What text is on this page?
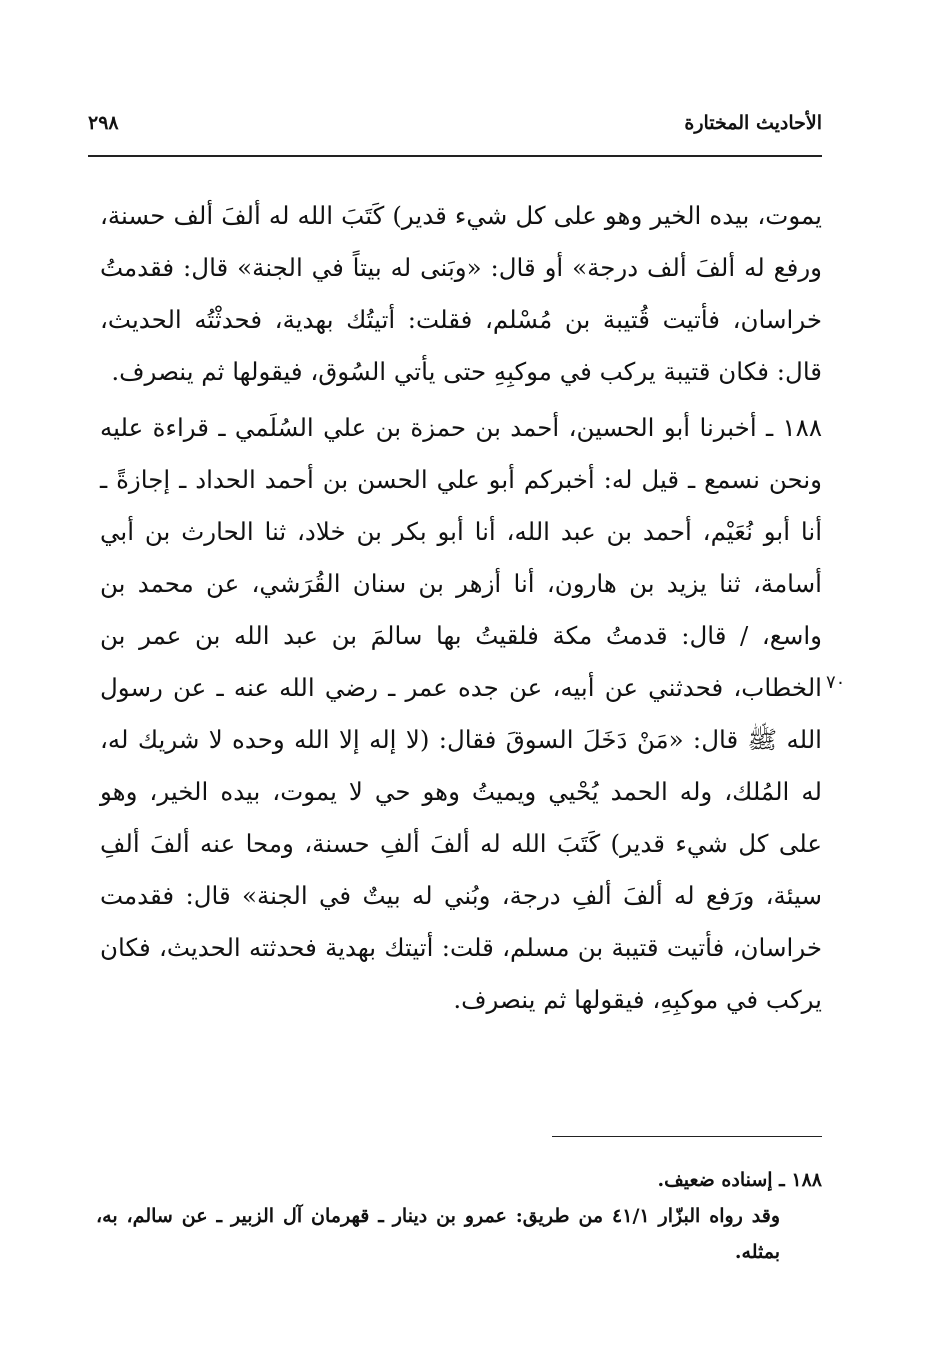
الأحاديث المختارة
٢٩٨

يموت، بيده الخير وهو على كل شيء قدير) كَتَبَ الله له ألفَ ألف حسنة، ورفع له ألفَ ألف درجة» أو قال: «وبَنى له بيتاً في الجنة» قال: فقدمتُ خراسان، فأتيت قُتيبة بن مُسْلم، فقلت: أتيتُك بهدية، فحدثْتُه الحديث، قال: فكان قتيبة يركب في موكبِهِ حتى يأتي السُوق، فيقولها ثم ينصرف.

١٨٨ ـ أخبرنا أبو الحسين، أحمد بن حمزة بن علي السُلَمي ـ قراءة عليه ونحن نسمع ـ قيل له: أخبركم أبو علي الحسن بن أحمد الحداد ـ إجازةً ـ أنا أبو نُعَيْم، أحمد بن عبد الله، أنا أبو بكر بن خلاد، ثنا الحارث بن أبي أسامة، ثنا يزيد بن هارون، أنا أزهر بن سنان القُرَشي، عن محمد بن واسع، / قال: قدمتُ مكة فلقيتُ بها سالمَ بن عبد الله بن عمر بن الخطاب، فحدثني عن أبيه، عن جده عمر ـ رضي الله عنه ـ عن رسول الله ﷺ قال: «مَنْ دَخَلَ السوقَ فقال: (لا إله إلا الله وحده لا شريك له، له المُلك، وله الحمد يُحْيي ويميتُ وهو حي لا يموت، بيده الخير، وهو على كل شيء قدير) كَتَبَ الله له ألفَ ألفِ حسنة، ومحا عنه ألفَ ألفِ سيئة، ورَفع له ألفَ ألفِ درجة، وبُني له بيتٌ في الجنة» قال: فقدمت خراسان، فأتيت قتيبة بن مسلم، قلت: أتيتك بهدية فحدثته الحديث، فكان يركب في موكبِهِ، فيقولها ثم ينصرف.

٧٠

١٨٨ ـ إسناده ضعيف.

وقد رواه البزّار ٤١/١ من طريق: عمرو بن دينار ـ قهرمان آل الزبير ـ عن سالم، به، بمثله.
